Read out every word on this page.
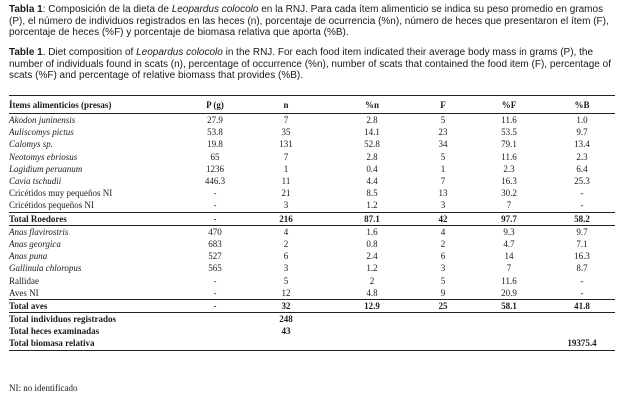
Tabla 1: Composición de la dieta de Leopardus colocolo en la RNJ. Para cada ítem alimenticio se indica su peso promedio en gramos (P), el número de individuos registrados en las heces (n), porcentaje de ocurrencia (%n), número de heces que presentaron el ítem (F), porcentaje de heces (%F) y porcentaje de biomasa relativa que aporta (%B).
Table 1. Diet composition of Leopardus colocolo in the RNJ. For each food item indicated their average body mass in grams (P), the number of individuals found in scats (n), percentage of occurrence (%n), number of scats that contained the food item (F), percentage of scats (%F) and percentage of relative biomass that provides (%B).
Ítems alimenticios (presas)	P (g)	n	%n	F	%F	%B
Akodon juninensis	27.9	7	2.8	5	11.6	1.0
Auliscomys pictus	53.8	35	14.1	23	53.5	9.7
Calomys sp.	19.8	131	52.8	34	79.1	13.4
Neotomys ebriosus	65	7	2.8	5	11.6	2.3
Lagidium peruanum	1236	1	0.4	1	2.3	6.4
Cavia tschudii	446.3	11	4.4	7	16.3	25.3
Cricétidos muy pequeños NI	-	21	8.5	13	30.2	-
Cricétidos pequeños NI	-	3	1.2	3	7	-
Total Roedores	-	216	87.1	42	97.7	58.2
Anas flavirostris	470	4	1.6	4	9.3	9.7
Anas georgica	683	2	0.8	2	4.7	7.1
Anas puna	527	6	2.4	6	14	16.3
Gallinula chloropus	565	3	1.2	3	7	8.7
Rallidae	-	5	2	5	11.6	-
Aves NI	-	12	4.8	9	20.9	-
Total aves	-	32	12.9	25	58.1	41.8
Total individuos registrados		248				
Total heces examinadas		43				
Total biomasa relativa						19375.4
NI: no identificado
